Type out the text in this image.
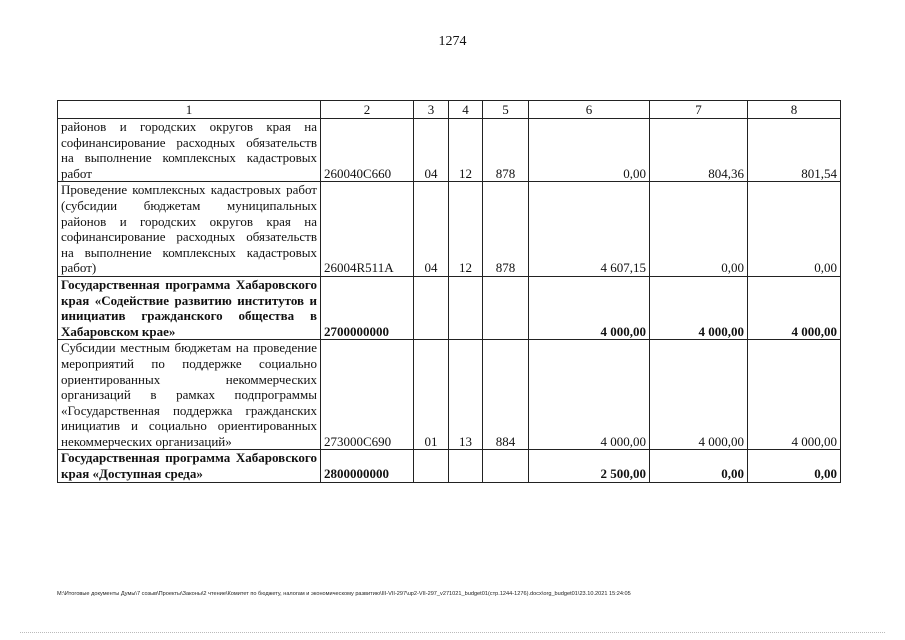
1274
1	2	3	4	5	6	7	8
районов и городских округов края на софинансирование расходных обязательств на выполнение комплексных кадастровых работ	260040С660	04	12	878	0,00	804,36	801,54
Проведение комплексных кадастровых работ (субсидии бюджетам муниципальных районов и городских округов края на софинансирование расходных обязательств на выполнение комплексных кадастровых работ)	26004R511А	04	12	878	4 607,15	0,00	0,00
Государственная программа Хабаровского края «Содействие развитию институтов и инициатив гражданского общества в Хабаровском крае»	2700000000				4 000,00	4 000,00	4 000,00
Субсидии местным бюджетам на проведение мероприятий по поддержке социально ориентированных некоммерческих организаций в рамках подпрограммы «Государственная поддержка гражданских инициатив и социально ориентированных некоммерческих организаций»	273000С690	01	13	884	4 000,00	4 000,00	4 000,00
Государственная программа Хабаровского края «Доступная среда»	2800000000				2 500,00	0,00	0,00
M:\Итоговые документы Думы\7 созыв\Проекты\Законы\2 чтение\Комитет по бюджету, налогам и экономическому развитию\III-VII-297\up2-VII-297_v271021_budget01(стр.1244-1276).docx\org_budget01\23.10.2021 15:24:05
